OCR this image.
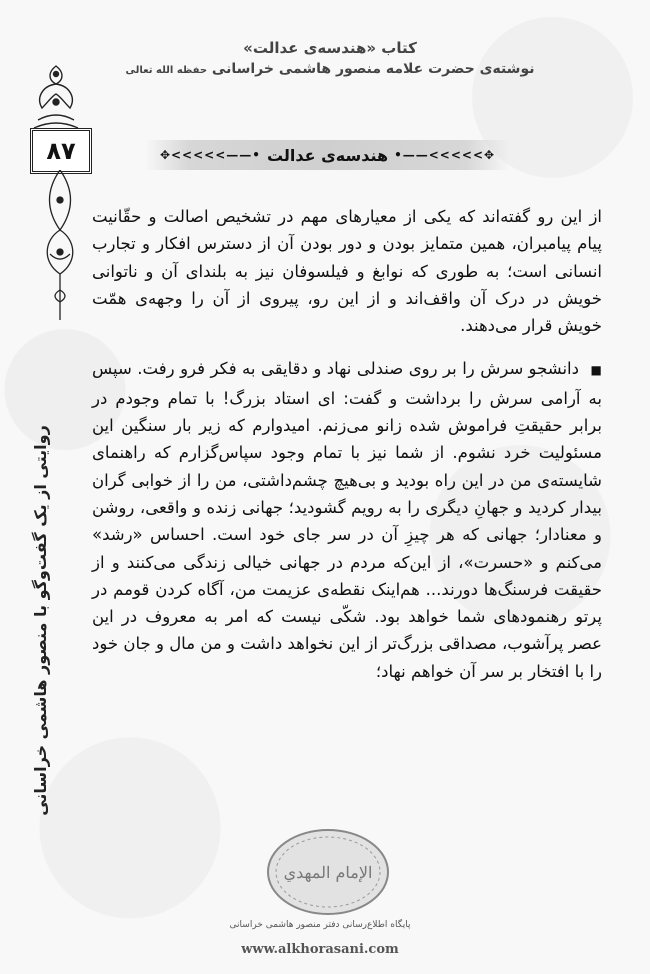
کتاب «هندسه‌ی عدالت»
نوشته‌ی حضرت علامه منصور هاشمی خراسانی حفظه الله تعالی
۸۷	✥>>>>>——•
هندسه‌ی عدالت
•——>>>>>✥
روایتی از یک گفت‌وگو با منصور هاشمی خراسانی

از این رو گفته‌اند که یکی از معیارهای مهم در تشخیص اصالت و حقّانیت پیام پیامبران، همین متمایز بودن و دور بودن آن از دسترس افکار و تجارب انسانی است؛ به طوری که نوابغ و فیلسوفان نیز به بلندای آن و ناتوانی خویش در درک آن واقف‌اند و از این رو، پیروی از آن را وجهه‌ی همّت خویش قرار می‌دهند.

■ دانشجو سرش را بر روی صندلی نهاد و دقایقی به فکر فرو رفت. سپس به آرامی سرش را برداشت و گفت: ای استاد بزرگ! با تمام وجودم در برابر حقیقتِ فراموش شده زانو می‌زنم. امیدوارم که زیر بار سنگین این مسئولیت خرد نشوم. از شما نیز با تمام وجود سپاس‌گزارم که راهنمای شایسته‌ی من در این راه بودید و بی‌هیچ چشم‌داشتی، من را از خوابی گران بیدار کردید و جهانِ دیگری را به رویم گشودید؛ جهانی زنده و واقعی، روشن و معنادار؛ جهانی که هر چیزِ آن در سر جای خود است. احساس «رشد» می‌کنم و «حسرت»، از این‌که مردم در جهانی خیالی زندگی می‌کنند و از حقیقت فرسنگ‌ها دورند... هم‌اینک نقطه‌ی عزیمت من، آگاه کردن قومم در پرتو رهنمودهای شما خواهد بود. شکّی نیست که امر به معروف در این عصر پرآشوب، مصداقی بزرگ‌تر از این نخواهد داشت و من مال و جان خود را با افتخار بر سر آن خواهم نهاد؛

الإمام المهدي
پایگاه اطلاع‌رسانی دفتر منصور هاشمی خراسانی
www.alkhorasani.com
